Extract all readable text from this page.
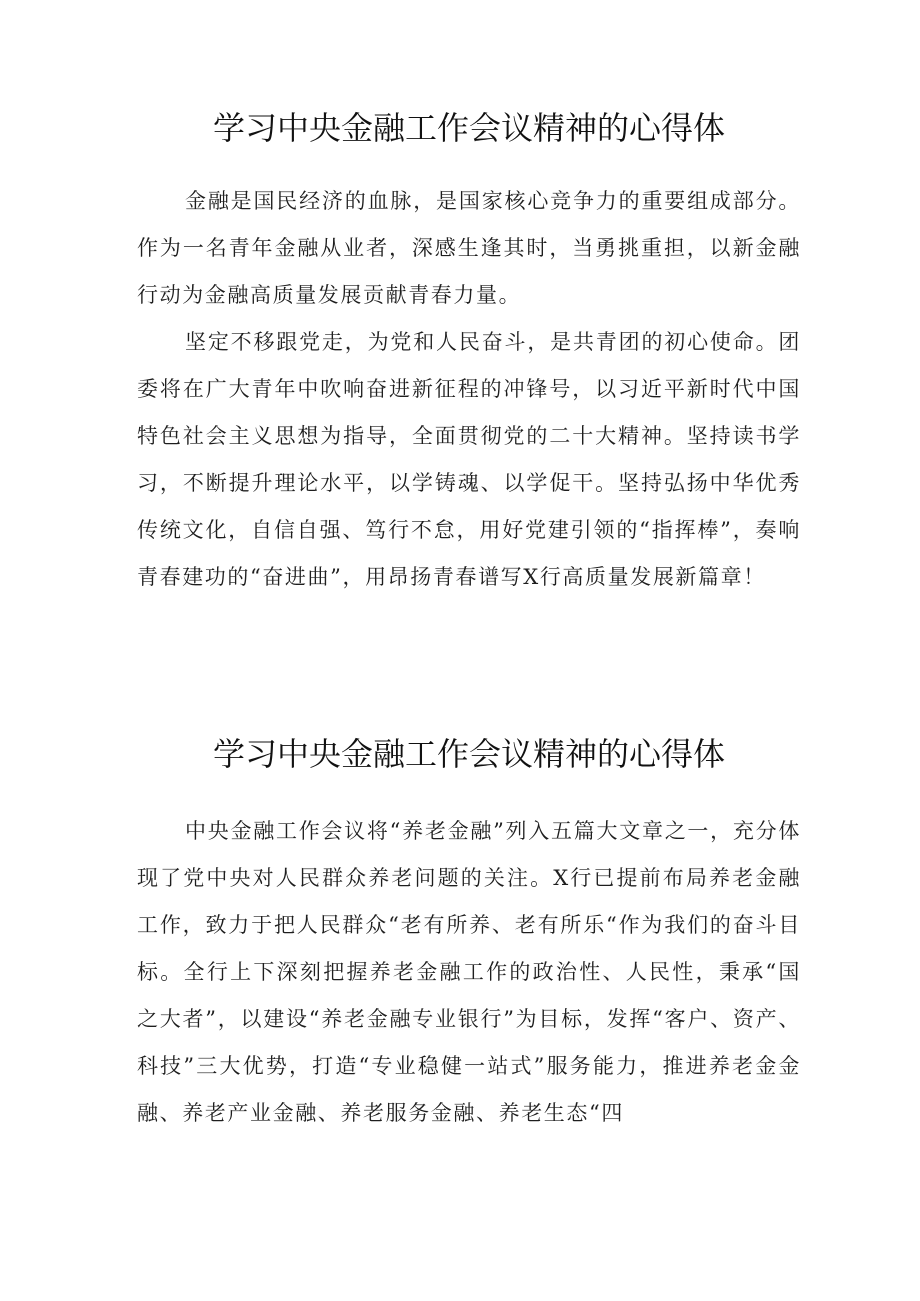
学习中央金融工作会议精神的心得体

金融是国民经济的血脉，是国家核心竞争力的重要组成部分。作为一名青年金融从业者，深感生逢其时，当勇挑重担，以新金融行动为金融高质量发展贡献青春力量。

坚定不移跟党走，为党和人民奋斗，是共青团的初心使命。团委将在广大青年中吹响奋进新征程的冲锋号，以习近平新时代中国特色社会主义思想为指导，全面贯彻党的二十大精神。坚持读书学习，不断提升理论水平，以学铸魂、以学促干。坚持弘扬中华优秀传统文化，自信自强、笃行不怠，用好党建引领的“指挥棒”，奏响青春建功的“奋进曲”，用昂扬青春谱写X行高质量发展新篇章！

学习中央金融工作会议精神的心得体

中央金融工作会议将“养老金融”列入五篇大文章之一，充分体现了党中央对人民群众养老问题的关注。X行已提前布局养老金融工作，致力于把人民群众“老有所养、老有所乐“作为我们的奋斗目标。全行上下深刻把握养老金融工作的政治性、人民性，秉承“国之大者”，以建设“养老金融专业银行”为目标，发挥“客户、资产、科技”三大优势，打造“专业稳健一站式”服务能力，推进养老金金融、养老产业金融、养老服务金融、养老生态“四
